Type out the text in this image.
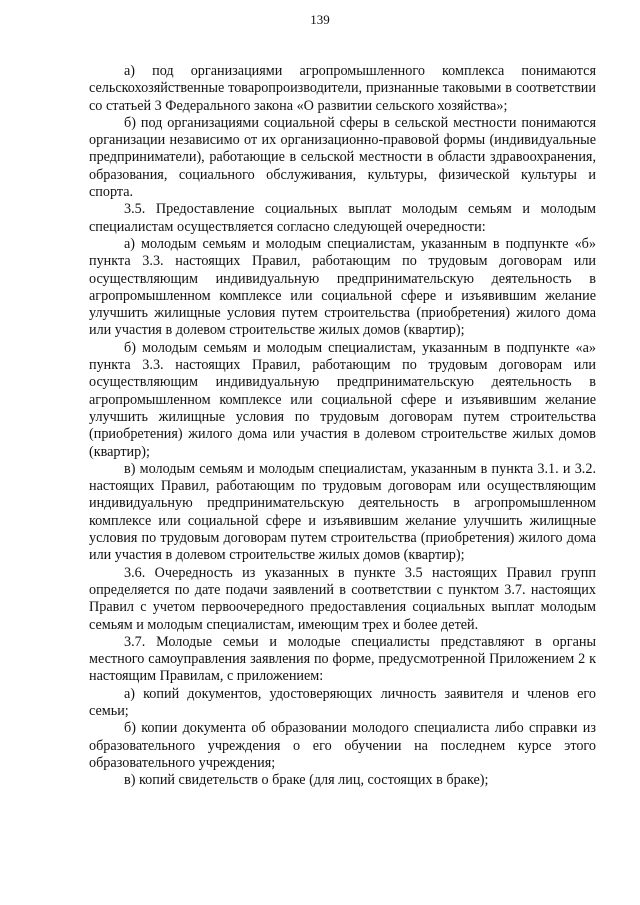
139

а) под организациями агропромышленного комплекса понимаются сельскохозяйственные товаропроизводители, признанные таковыми в соответствии со статьей 3 Федерального закона «О развитии сельского хозяйства»;

б) под организациями социальной сферы в сельской местности понимаются организации независимо от их организационно-правовой формы (индивидуальные предприниматели), работающие в сельской местности в области здравоохранения, образования, социального обслуживания, культуры, физической культуры и спорта.

3.5. Предоставление социальных выплат молодым семьям и молодым специалистам осуществляется согласно следующей очередности:

а) молодым семьям и молодым специалистам, указанным в подпункте «б» пункта 3.3. настоящих Правил, работающим по трудовым договорам или осуществляющим индивидуальную предпринимательскую деятельность в агропромышленном комплексе или социальной сфере и изъявившим желание улучшить жилищные условия путем строительства (приобретения) жилого дома или участия в долевом строительстве жилых домов (квартир);

б) молодым семьям и молодым специалистам, указанным в подпункте «а» пункта 3.3. настоящих Правил, работающим по трудовым договорам или осуществляющим индивидуальную предпринимательскую деятельность в агропромышленном комплексе или социальной сфере и изъявившим желание улучшить жилищные условия по трудовым договорам путем строительства (приобретения) жилого дома или участия в долевом строительстве жилых домов (квартир);

в) молодым семьям и молодым специалистам, указанным в пункта 3.1. и 3.2. настоящих Правил, работающим по трудовым договорам или осуществляющим индивидуальную предпринимательскую деятельность в агропромышленном комплексе или социальной сфере и изъявившим желание улучшить жилищные условия по трудовым договорам путем строительства (приобретения) жилого дома или участия в долевом строительстве жилых домов (квартир);

3.6. Очередность из указанных в пункте 3.5 настоящих Правил групп определяется по дате подачи заявлений в соответствии с пунктом 3.7. настоящих Правил с учетом первоочередного предоставления социальных выплат молодым семьям и молодым специалистам, имеющим трех и более детей.

3.7. Молодые семьи и молодые специалисты представляют в органы местного самоуправления заявления по форме, предусмотренной Приложением 2 к настоящим Правилам, с приложением:

а) копий документов, удостоверяющих личность заявителя и членов его семьи;

б) копии документа об образовании молодого специалиста либо справки из образовательного учреждения о его обучении на последнем курсе этого образовательного учреждения;

в) копий свидетельств о браке (для лиц, состоящих в браке);
